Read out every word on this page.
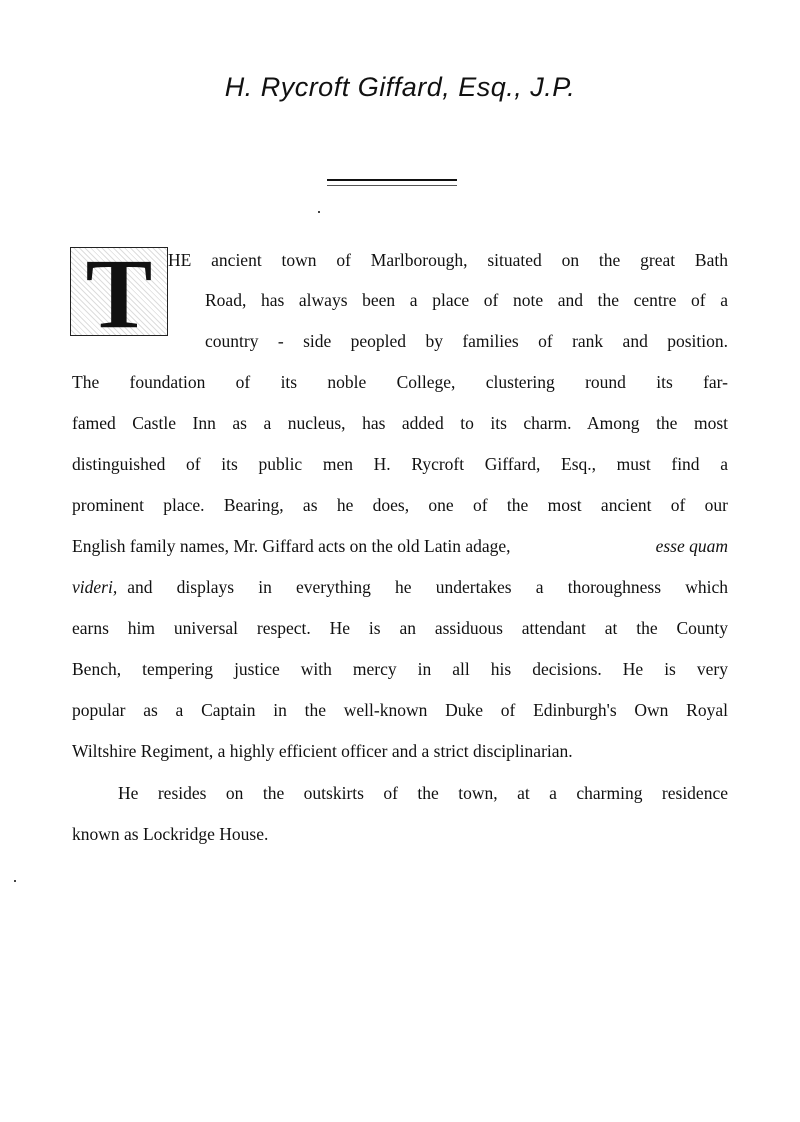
H. Rycroft Giffard, Esq., J.P.
T HE ancient town of Marlborough, situated on the great Bath
Road, has always been a place of note and the centre of a
country - side peopled by families of rank and position.
The foundation of its noble College, clustering round its far-
famed Castle Inn as a nucleus, has added to its charm. Among the most
distinguished of its public men H. Rycroft Giffard, Esq., must find a
prominent place. Bearing, as he does, one of the most ancient of our
English family names, Mr. Giffard acts on the old Latin adage,	esse quam
videri, and displays in everything he undertakes a thoroughness which
earns him universal respect. He is an assiduous attendant at the County
Bench, tempering justice with mercy in all his decisions. He is very
popular as a Captain in the well-known Duke of Edinburgh's Own Royal
Wiltshire Regiment, a highly efficient officer and a strict disciplinarian.
He resides on the outskirts of the town, at a charming residence
known as Lockridge House.
